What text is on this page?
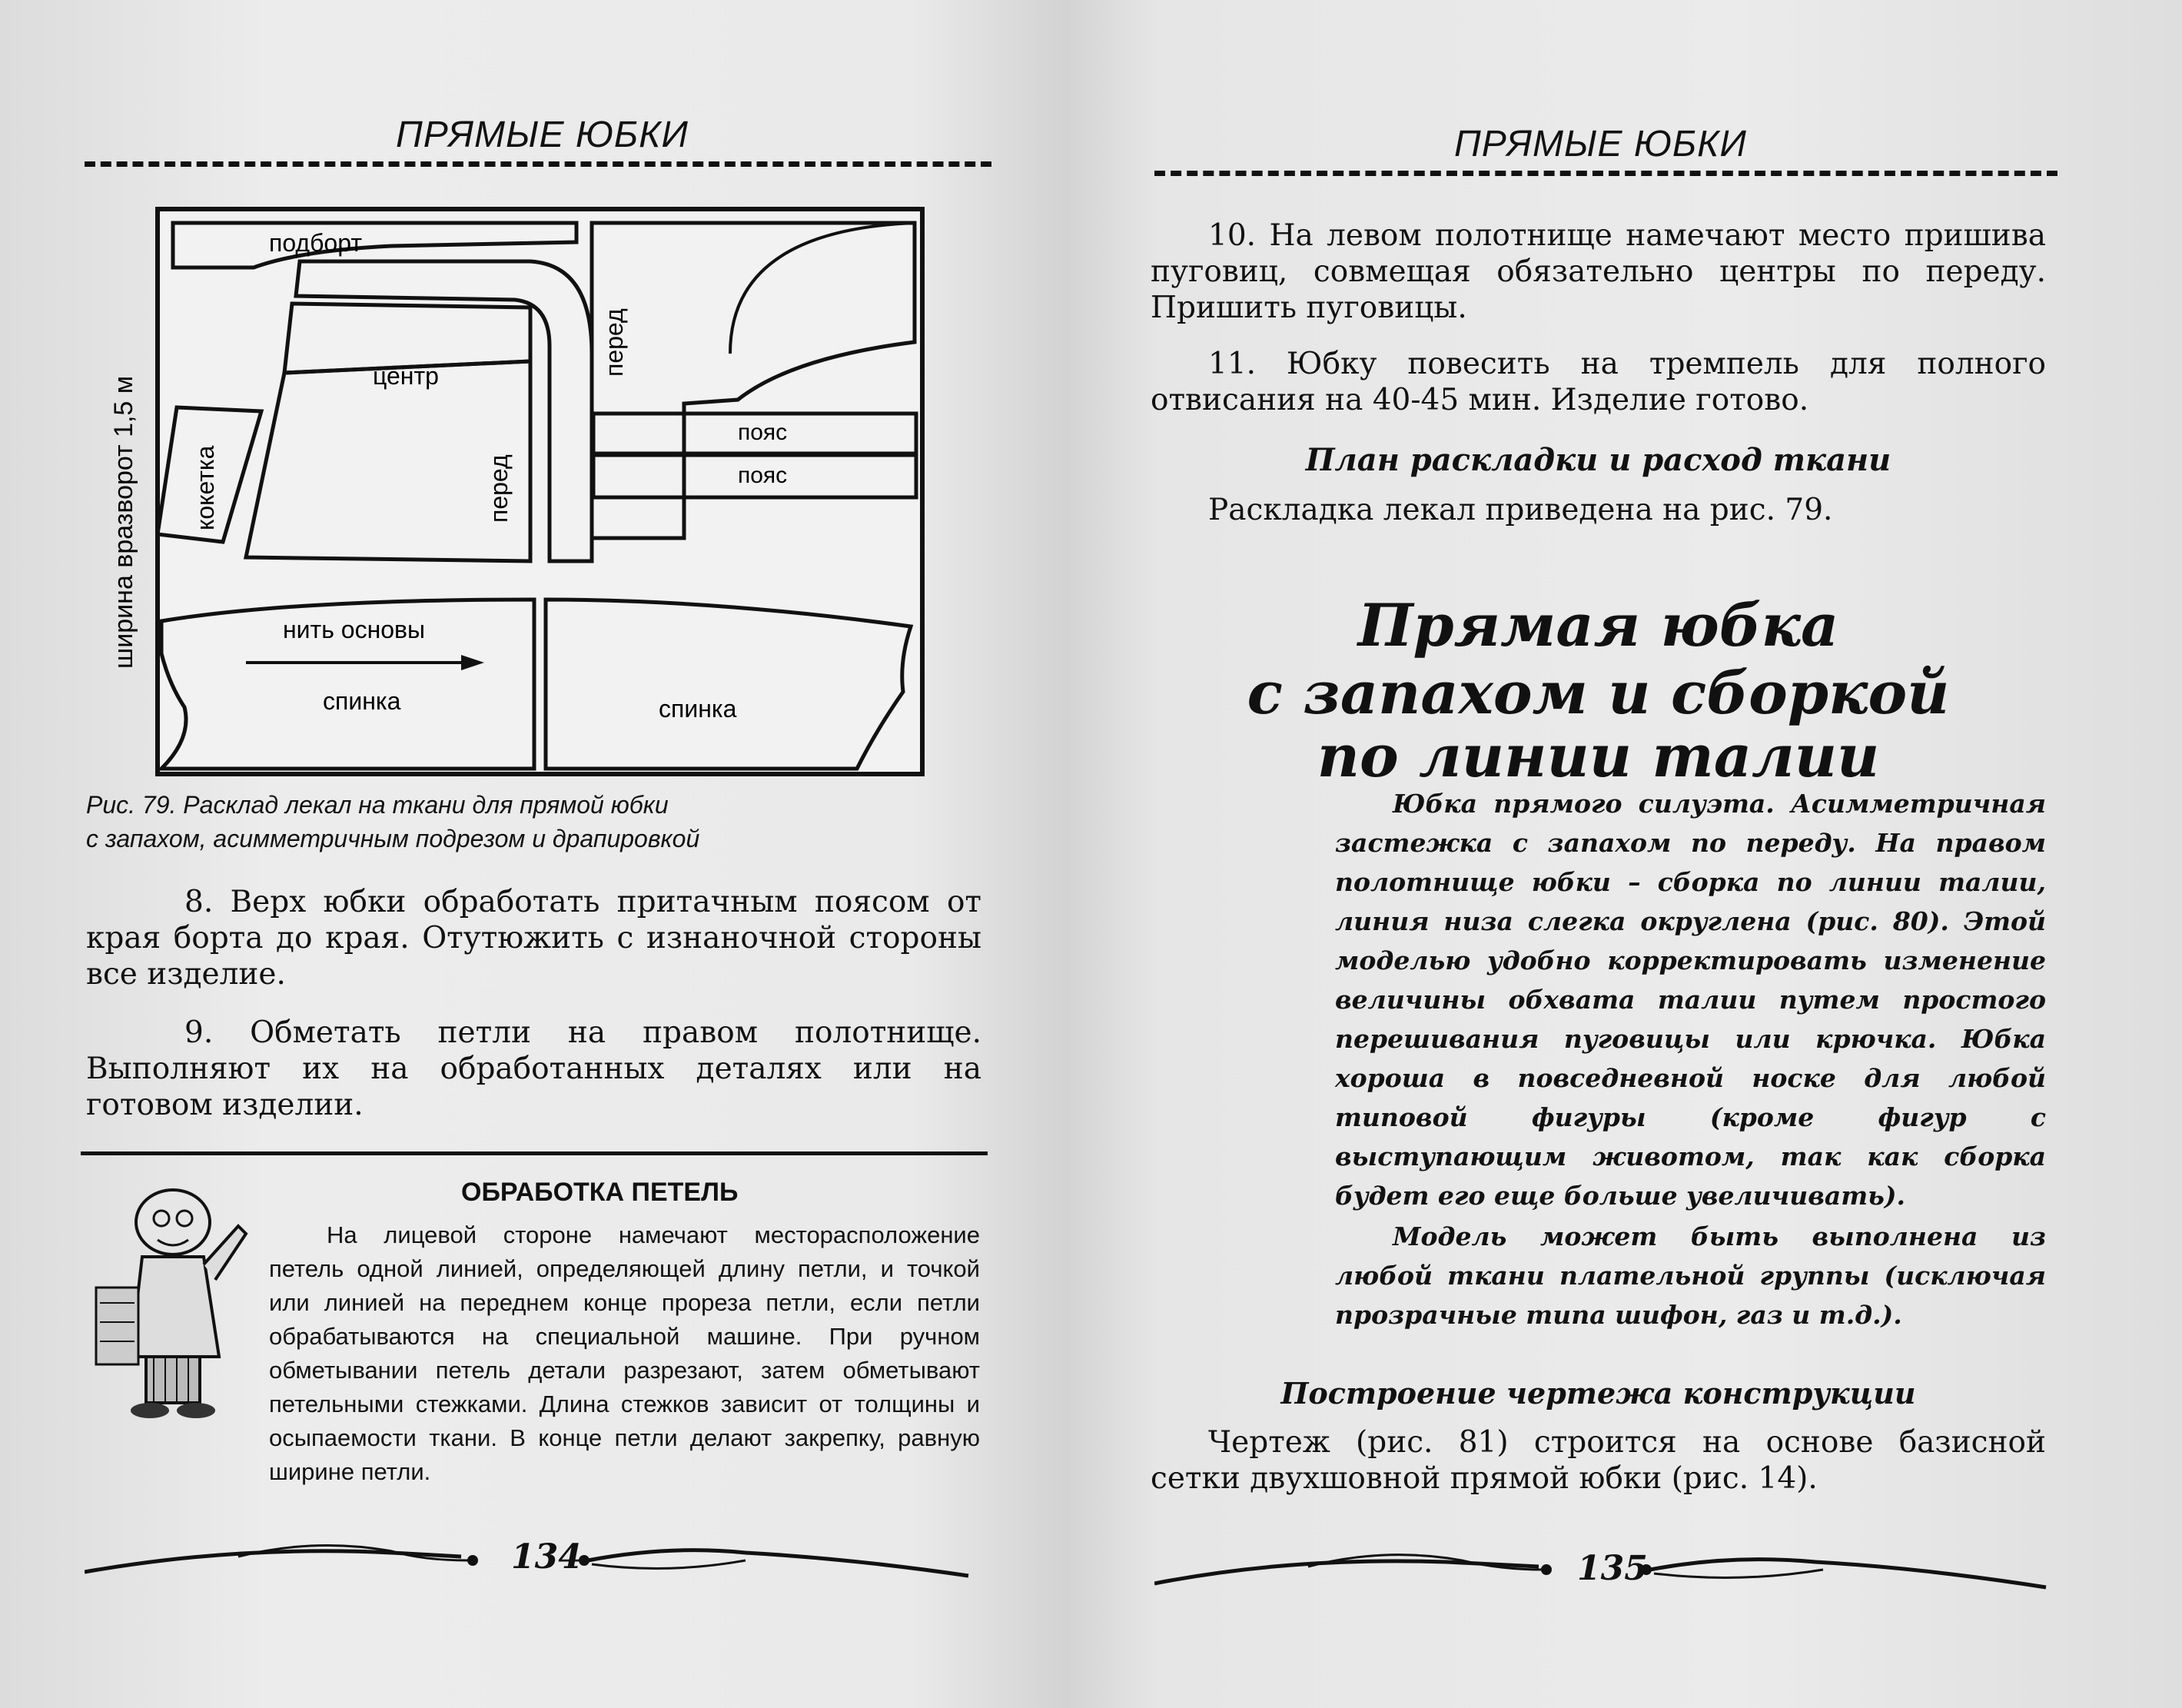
ПРЯМЫЕ ЮБКИ
подборт
центр	перед
перед
кокетка
пояс
пояс
нить основы
спинка	спинка
ширина вразворот 1,5 м

Рис. 79. Расклад лекал на ткани для прямой юбки

с запахом, асимметричным подрезом и драпировкой

8. Верх юбки обработать притачным поясом от края борта до края. Отутюжить с изнаночной стороны все изделие.

9. Обметать петли на правом полотнище. Выполняют их на обработанных деталях или на готовом изделии.

ОБРАБОТКА ПЕТЕЛЬ
На лицевой стороне намечают месторасположение петель одной линией, определяющей длину петли, и точкой или линией на переднем конце прореза петли, если петли обрабатываются на специальной машине. При ручном обметывании петель детали разрезают, затем обметывают петельными стежками. Длина стежков зависит от толщины и осыпаемости ткани. В конце петли делают закрепку, равную ширине петли.
134
ПРЯМЫЕ ЮБКИ

10. На левом полотнище намечают место пришива пуговиц, совмещая обязательно центры по переду. Пришить пуговицы.

11. Юбку повесить на тремпель для полного отвисания на 40-45 мин. Изделие готово.

План раскладки и расход ткани
Раскладка лекал приведена на рис. 79.
Прямая юбка
с запахом и сборкой
по линии талии

Юбка прямого силуэта. Асимметричная застежка с запахом по переду. На правом полотнище юбки – сборка по линии талии, линия низа слегка округлена (рис. 80). Этой моделью удобно корректировать изменение величины обхвата талии путем простого перешивания пуговицы или крючка. Юбка хороша в повседневной носке для любой типовой фигуры (кроме фигур с выступающим животом, так как сборка будет его еще больше увеличивать).

Модель может быть выполнена из любой ткани плательной группы (исключая прозрачные типа шифон, газ и т.д.).

Построение чертежа конструкции

Чертеж (рис. 81) строится на основе базисной сетки двухшовной прямой юбки (рис. 14).

135
